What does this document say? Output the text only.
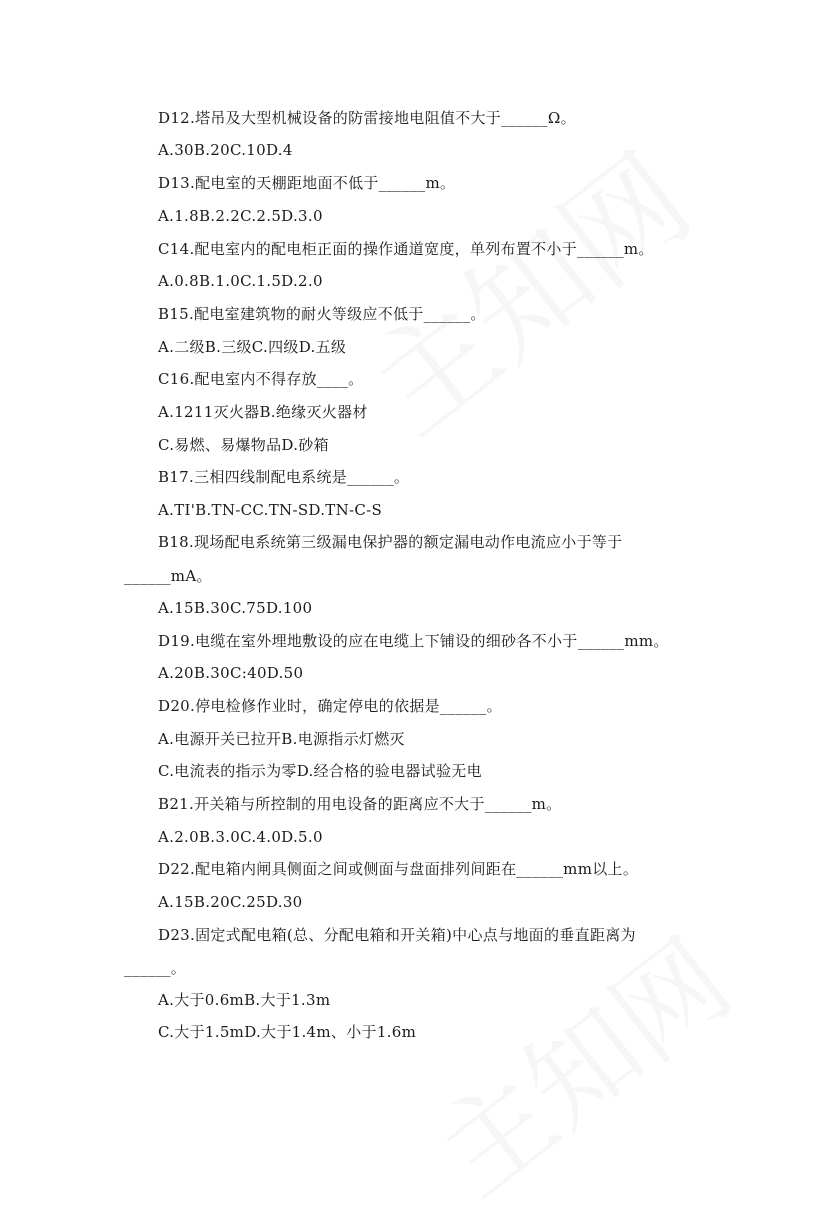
D12.塔吊及大型机械设备的防雷接地电阻值不大于______Ω。
A.30B.20C.10D.4
D13.配电室的天棚距地面不低于______m。
A.1.8B.2.2C.2.5D.3.0
C14.配电室内的配电柜正面的操作通道宽度，单列布置不小于______m。
A.0.8B.1.0C.1.5D.2.0
B15.配电室建筑物的耐火等级应不低于______。
A.二级B.三级C.四级D.五级
C16.配电室内不得存放____。
A.1211灭火器B.绝缘灭火器材
C.易燃、易爆物品D.砂箱
B17.三相四线制配电系统是______。
A.TI'B.TN-CC.TN-SD.TN-C-S
B18.现场配电系统第三级漏电保护器的额定漏电动作电流应小于等于
______mA。
A.15B.30C.75D.100
D19.电缆在室外埋地敷设的应在电缆上下铺设的细砂各不小于______mm。
A.20B.30C:40D.50
D20.停电检修作业时，确定停电的依据是______。
A.电源开关已拉开B.电源指示灯燃灭
C.电流表的指示为零D.经合格的验电器试验无电
B21.开关箱与所控制的用电设备的距离应不大于______m。
A.2.0B.3.0C.4.0D.5.0
D22.配电箱内闸具侧面之间或侧面与盘面排列间距在______mm以上。
A.15B.20C.25D.30
D23.固定式配电箱(总、分配电箱和开关箱)中心点与地面的垂直距离为
______。
A.大于0.6mB.大于1.3m
C.大于1.5mD.大于1.4m、小于1.6m
